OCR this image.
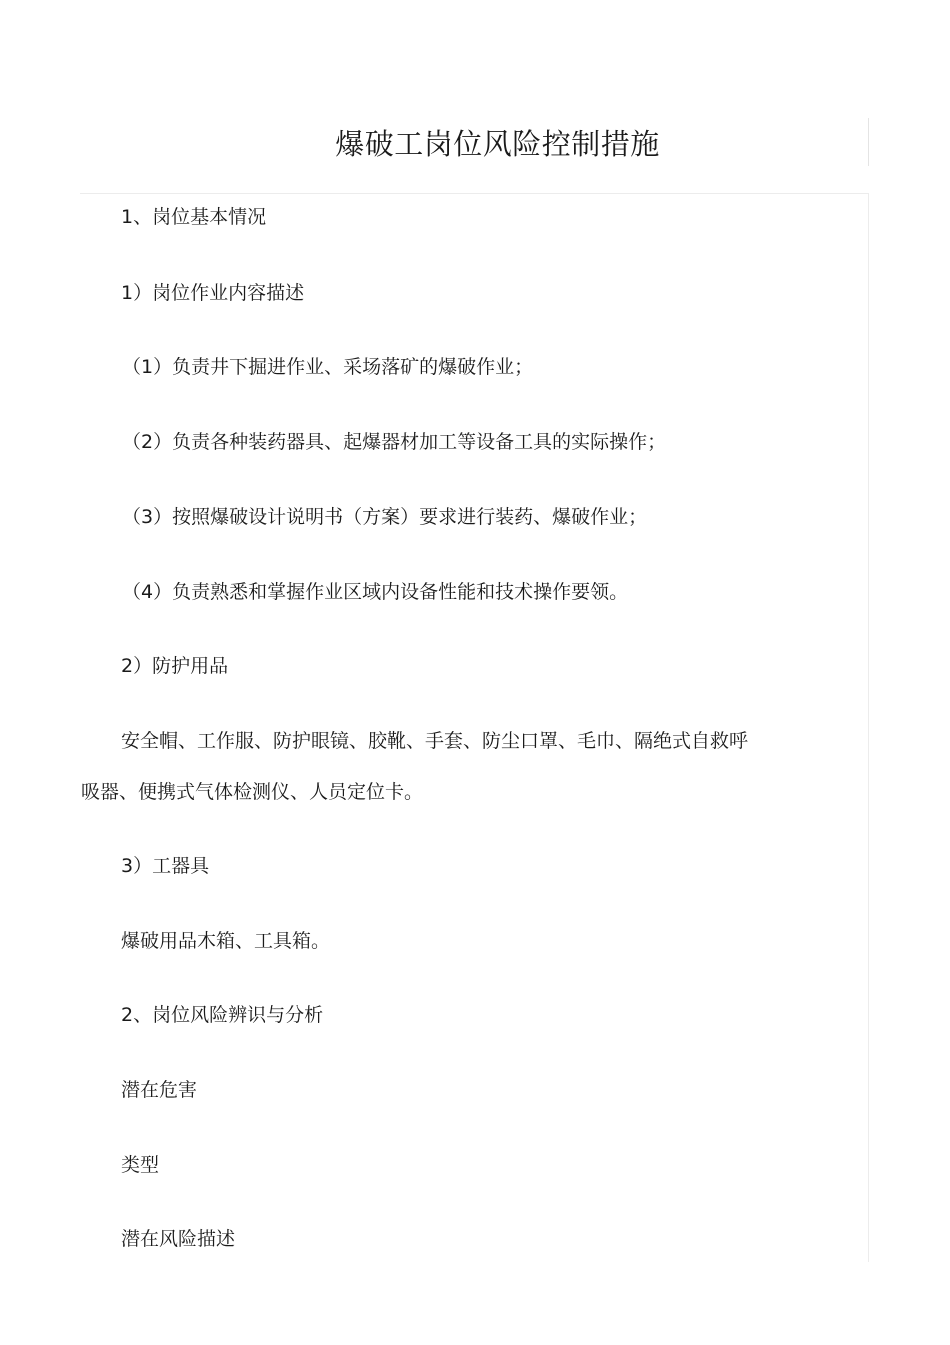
爆破工岗位风险控制措施
1、岗位基本情况
1）岗位作业内容描述
（1）负责井下掘进作业、采场落矿的爆破作业；
（2）负责各种装药器具、起爆器材加工等设备工具的实际操作；
（3）按照爆破设计说明书（方案）要求进行装药、爆破作业；
（4）负责熟悉和掌握作业区域内设备性能和技术操作要领。
2）防护用品
安全帽、工作服、防护眼镜、胶靴、手套、防尘口罩、毛巾、隔绝式自救呼
吸器、便携式气体检测仪、人员定位卡。
3）工器具
爆破用品木箱、工具箱。
2、岗位风险辨识与分析
潜在危害
类型
潜在风险描述
